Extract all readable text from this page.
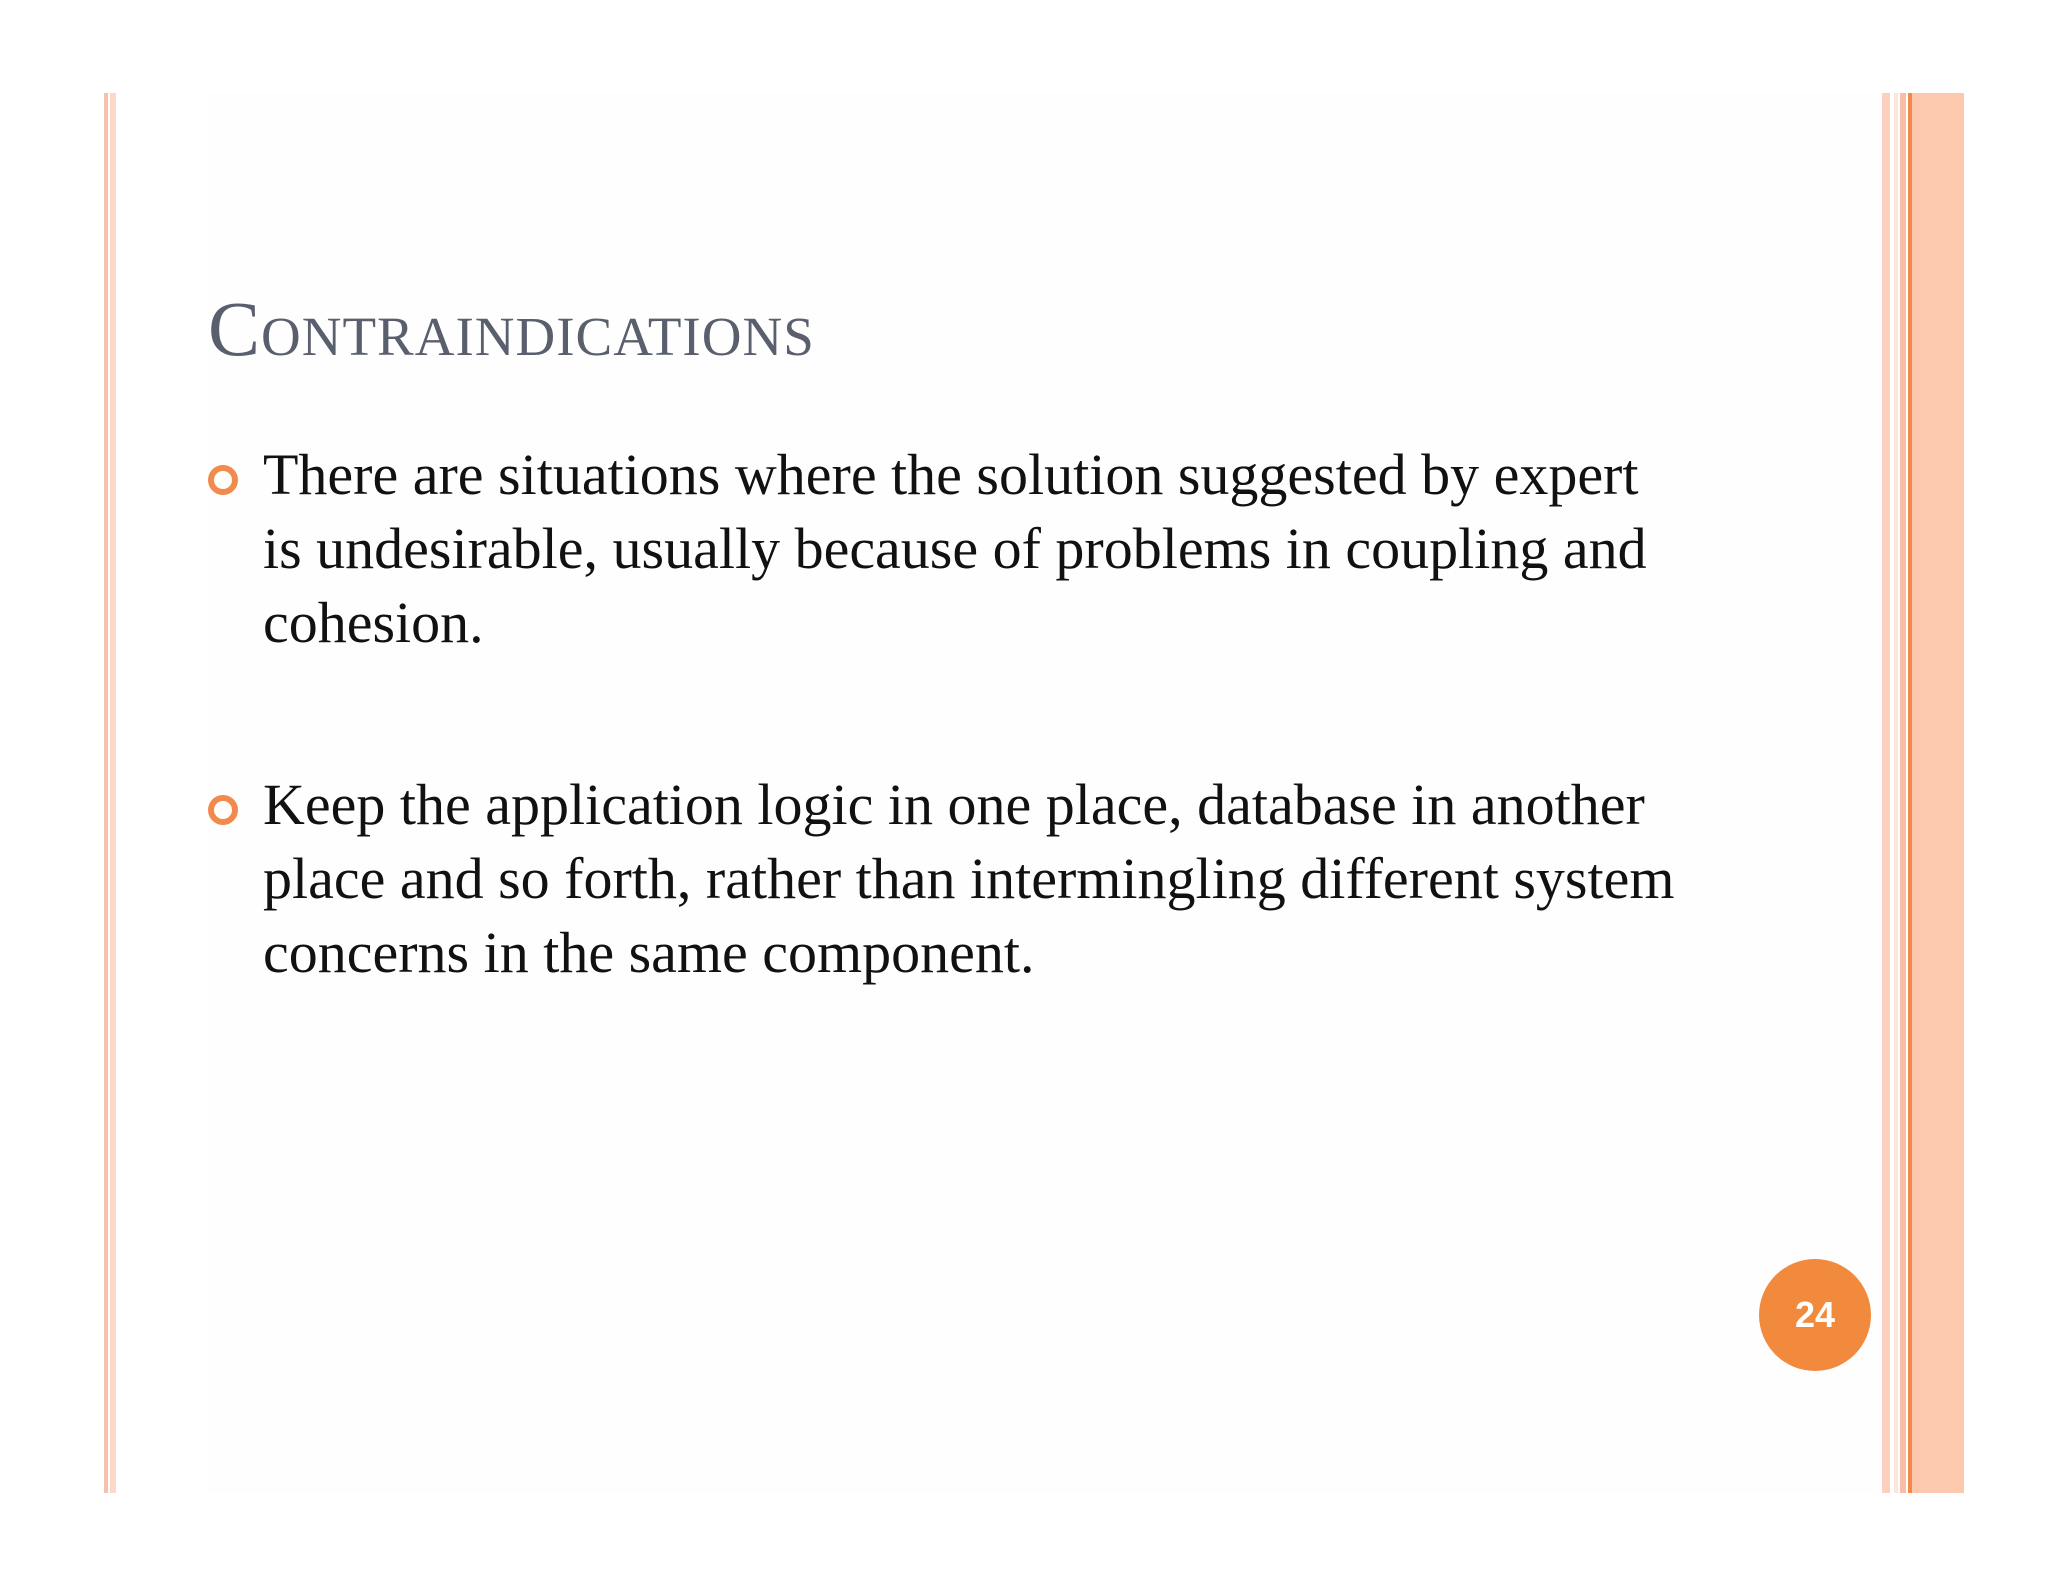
Contraindications
There are situations where the solution suggested by expert is undesirable, usually because of problems in coupling and cohesion.
Keep the application logic in one place, database in another place and so forth, rather than intermingling different system concerns in the same component.
24
